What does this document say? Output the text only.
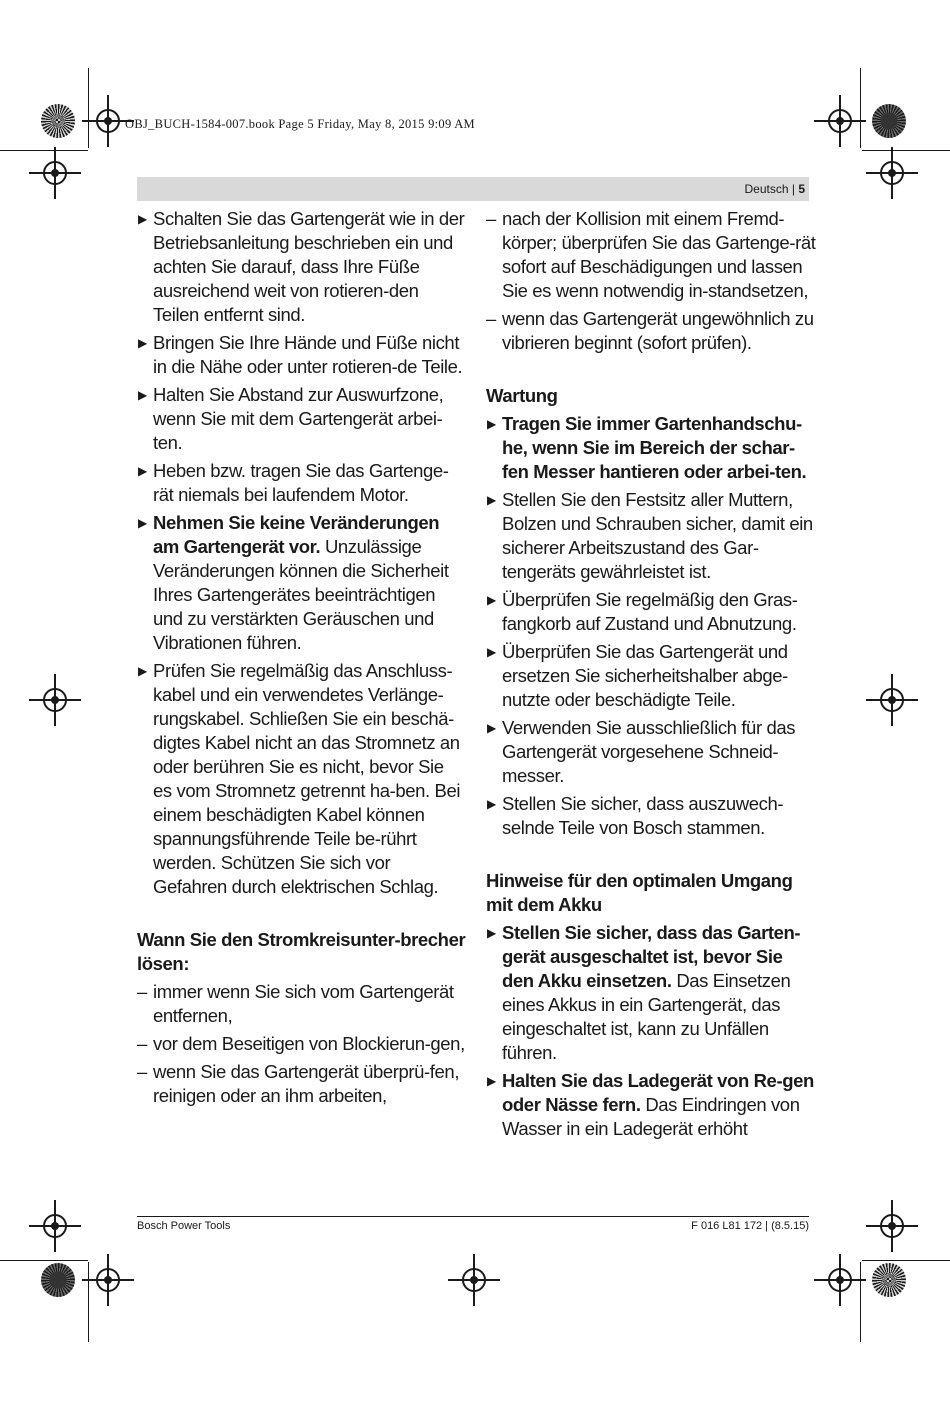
OBJ_BUCH-1584-007.book Page 5 Friday, May 8, 2015 9:09 AM
Deutsch | 5
▶ Schalten Sie das Gartengerät wie in der Betriebsanleitung beschrieben ein und achten Sie darauf, dass Ihre Füße ausreichend weit von rotieren-den Teilen entfernt sind.
▶ Bringen Sie Ihre Hände und Füße nicht in die Nähe oder unter rotieren-de Teile.
▶ Halten Sie Abstand zur Auswurfzone, wenn Sie mit dem Gartengerät arbei-ten.
▶ Heben bzw. tragen Sie das Gartenge-rät niemals bei laufendem Motor.
▶ Nehmen Sie keine Veränderungen am Gartengerät vor. Unzulässige Veränderungen können die Sicherheit Ihres Gartengerätes beeinträchtigen und zu verstärkten Geräuschen und Vibrationen führen.
▶ Prüfen Sie regelmäßig das Anschluss-kabel und ein verwendetes Verlänge-rungskabel. Schließen Sie ein beschä-digtes Kabel nicht an das Stromnetz an oder berühren Sie es nicht, bevor Sie es vom Stromnetz getrennt ha-ben. Bei einem beschädigten Kabel können spannungsführende Teile be-rührt werden. Schützen Sie sich vor Gefahren durch elektrischen Schlag.
Wann Sie den Stromkreisunter-brecher lösen:
– immer wenn Sie sich vom Gartengerät entfernen,
– vor dem Beseitigen von Blockierun-gen,
– wenn Sie das Gartengerät überprü-fen, reinigen oder an ihm arbeiten,
– nach der Kollision mit einem Fremd-körper; überprüfen Sie das Gartenge-rät sofort auf Beschädigungen und lassen Sie es wenn notwendig in-standsetzen,
– wenn das Gartengerät ungewöhnlich zu vibrieren beginnt (sofort prüfen).
Wartung
▶ Tragen Sie immer Gartenhandschu-he, wenn Sie im Bereich der schar-fen Messer hantieren oder arbei-ten.
▶ Stellen Sie den Festsitz aller Muttern, Bolzen und Schrauben sicher, damit ein sicherer Arbeitszustand des Gar-tengeräts gewährleistet ist.
▶ Überprüfen Sie regelmäßig den Gras-fangkorb auf Zustand und Abnutzung.
▶ Überprüfen Sie das Gartengerät und ersetzen Sie sicherheitshalber abge-nutzte oder beschädigte Teile.
▶ Verwenden Sie ausschließlich für das Gartengerät vorgesehene Schneid-messer.
▶ Stellen Sie sicher, dass auszuwech-selnde Teile von Bosch stammen.
Hinweise für den optimalen Umgang mit dem Akku
▶ Stellen Sie sicher, dass das Garten-gerät ausgeschaltet ist, bevor Sie den Akku einsetzen. Das Einsetzen eines Akkus in ein Gartengerät, das eingeschaltet ist, kann zu Unfällen führen.
▶ Halten Sie das Ladegerät von Re-gen oder Nässe fern. Das Eindringen von Wasser in ein Ladegerät erhöht
Bosch Power Tools	F 016 L81 172 | (8.5.15)
